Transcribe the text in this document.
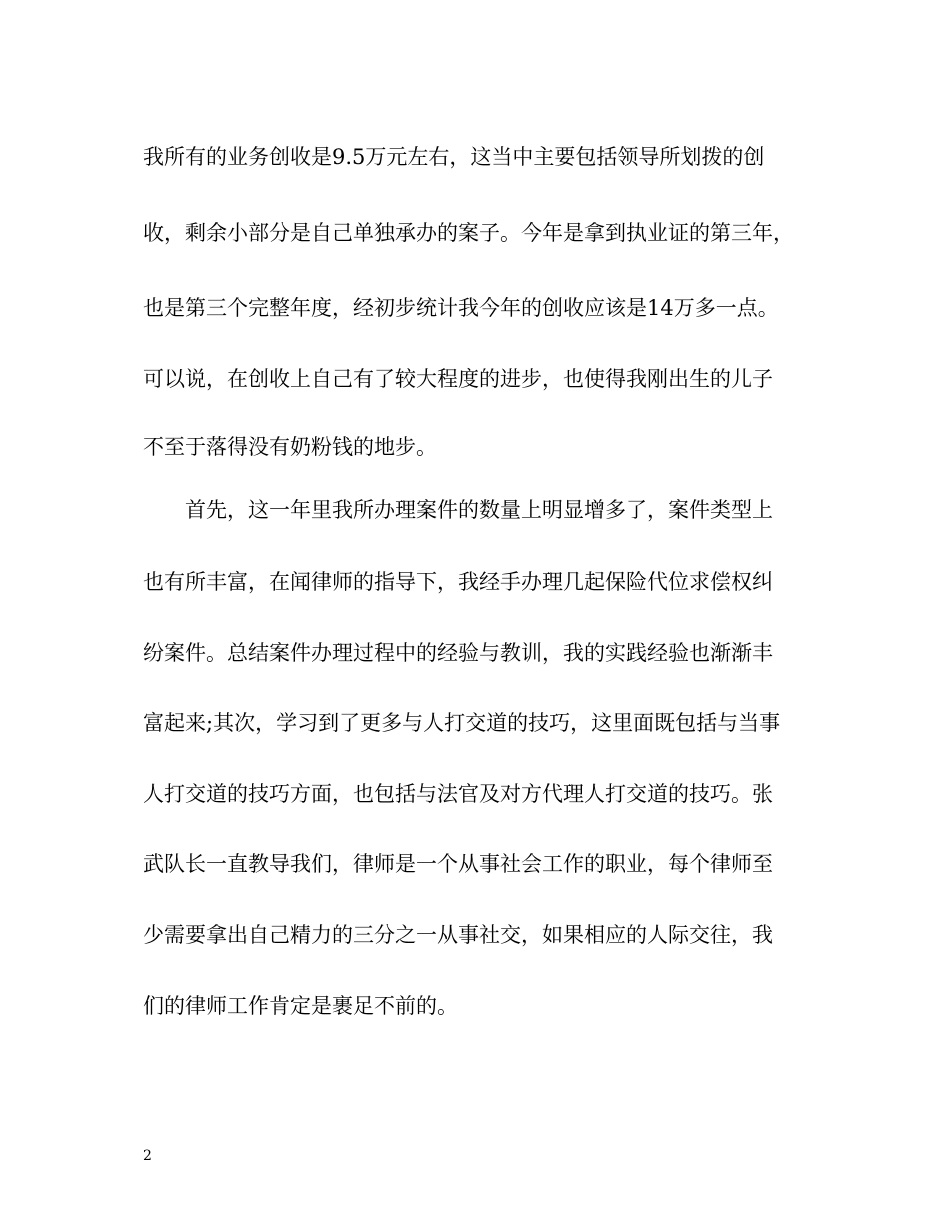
我所有的业务创收是9.5万元左右，这当中主要包括领导所划拨的创

收，剩余小部分是自己单独承办的案子。今年是拿到执业证的第三年，

也是第三个完整年度，经初步统计我今年的创收应该是14万多一点。

可以说，在创收上自己有了较大程度的进步，也使得我刚出生的儿子

不至于落得没有奶粉钱的地步。

　　首先，这一年里我所办理案件的数量上明显增多了，案件类型上

也有所丰富，在闻律师的指导下，我经手办理几起保险代位求偿权纠

纷案件。总结案件办理过程中的经验与教训，我的实践经验也渐渐丰

富起来;其次，学习到了更多与人打交道的技巧，这里面既包括与当事

人打交道的技巧方面，也包括与法官及对方代理人打交道的技巧。张

武队长一直教导我们，律师是一个从事社会工作的职业，每个律师至

少需要拿出自己精力的三分之一从事社交，如果相应的人际交往，我

们的律师工作肯定是裹足不前的。

2
